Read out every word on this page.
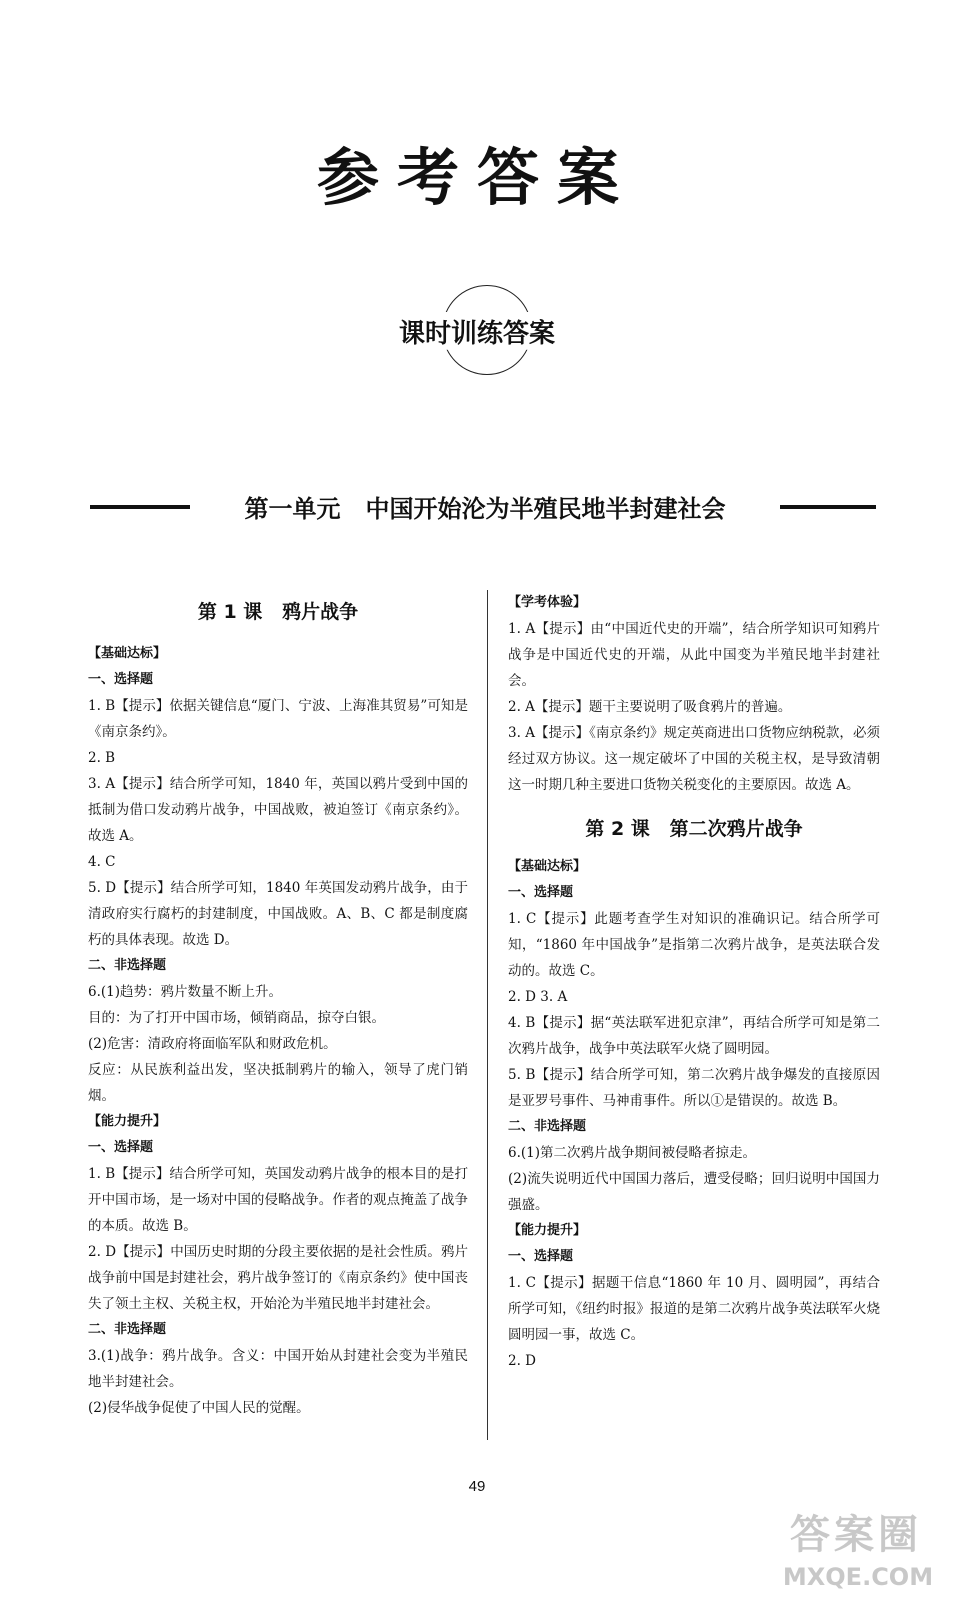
参考答案
课时训练答案
第一单元   中国开始沦为半殖民地半封建社会
第 1 课   鸦片战争
【基础达标】
一、选择题

1. B【提示】依据关键信息“厦门、宁波、上海准其贸易”可知是《南京条约》。

2. B

3. A【提示】结合所学可知，1840 年，英国以鸦片受到中国的抵制为借口发动鸦片战争，中国战败，被迫签订《南京条约》。故选 A。

4. C

5. D【提示】结合所学可知，1840 年英国发动鸦片战争，由于清政府实行腐朽的封建制度，中国战败。A、B、C 都是制度腐朽的具体表现。故选 D。

二、非选择题

6.(1)趋势：鸦片数量不断上升。

目的：为了打开中国市场，倾销商品，掠夺白银。

(2)危害：清政府将面临军队和财政危机。

反应：从民族利益出发，坚决抵制鸦片的输入，领导了虎门销烟。

【能力提升】
一、选择题

1. B【提示】结合所学可知，英国发动鸦片战争的根本目的是打开中国市场，是一场对中国的侵略战争。作者的观点掩盖了战争的本质。故选 B。

2. D【提示】中国历史时期的分段主要依据的是社会性质。鸦片战争前中国是封建社会，鸦片战争签订的《南京条约》使中国丧失了领土主权、关税主权，开始沦为半殖民地半封建社会。

二、非选择题

3.(1)战争：鸦片战争。含义：中国开始从封建社会变为半殖民地半封建社会。

(2)侵华战争促使了中国人民的觉醒。

【学考体验】

1. A【提示】由“中国近代史的开端”，结合所学知识可知鸦片战争是中国近代史的开端，从此中国变为半殖民地半封建社会。

2. A【提示】题干主要说明了吸食鸦片的普遍。

3. A【提示】《南京条约》规定英商进出口货物应纳税款，必须经过双方协议。这一规定破坏了中国的关税主权，是导致清朝这一时期几种主要进口货物关税变化的主要原因。故选 A。

第 2 课   第二次鸦片战争
【基础达标】
一、选择题

1. C【提示】此题考查学生对知识的准确识记。结合所学可知，“1860 年中国战争”是指第二次鸦片战争，是英法联合发动的。故选 C。

2. D 3. A

4. B【提示】据“英法联军进犯京津”，再结合所学可知是第二次鸦片战争，战争中英法联军火烧了圆明园。

5. B【提示】结合所学可知，第二次鸦片战争爆发的直接原因是亚罗号事件、马神甫事件。所以①是错误的。故选 B。

二、非选择题

6.(1)第二次鸦片战争期间被侵略者掠走。

(2)流失说明近代中国国力落后，遭受侵略；回归说明中国国力强盛。

【能力提升】
一、选择题

1. C【提示】据题干信息“1860 年 10 月、圆明园”，再结合所学可知，《纽约时报》报道的是第二次鸦片战争英法联军火烧圆明园一事，故选 C。

2. D

49
答案圈
MXQE.COM
